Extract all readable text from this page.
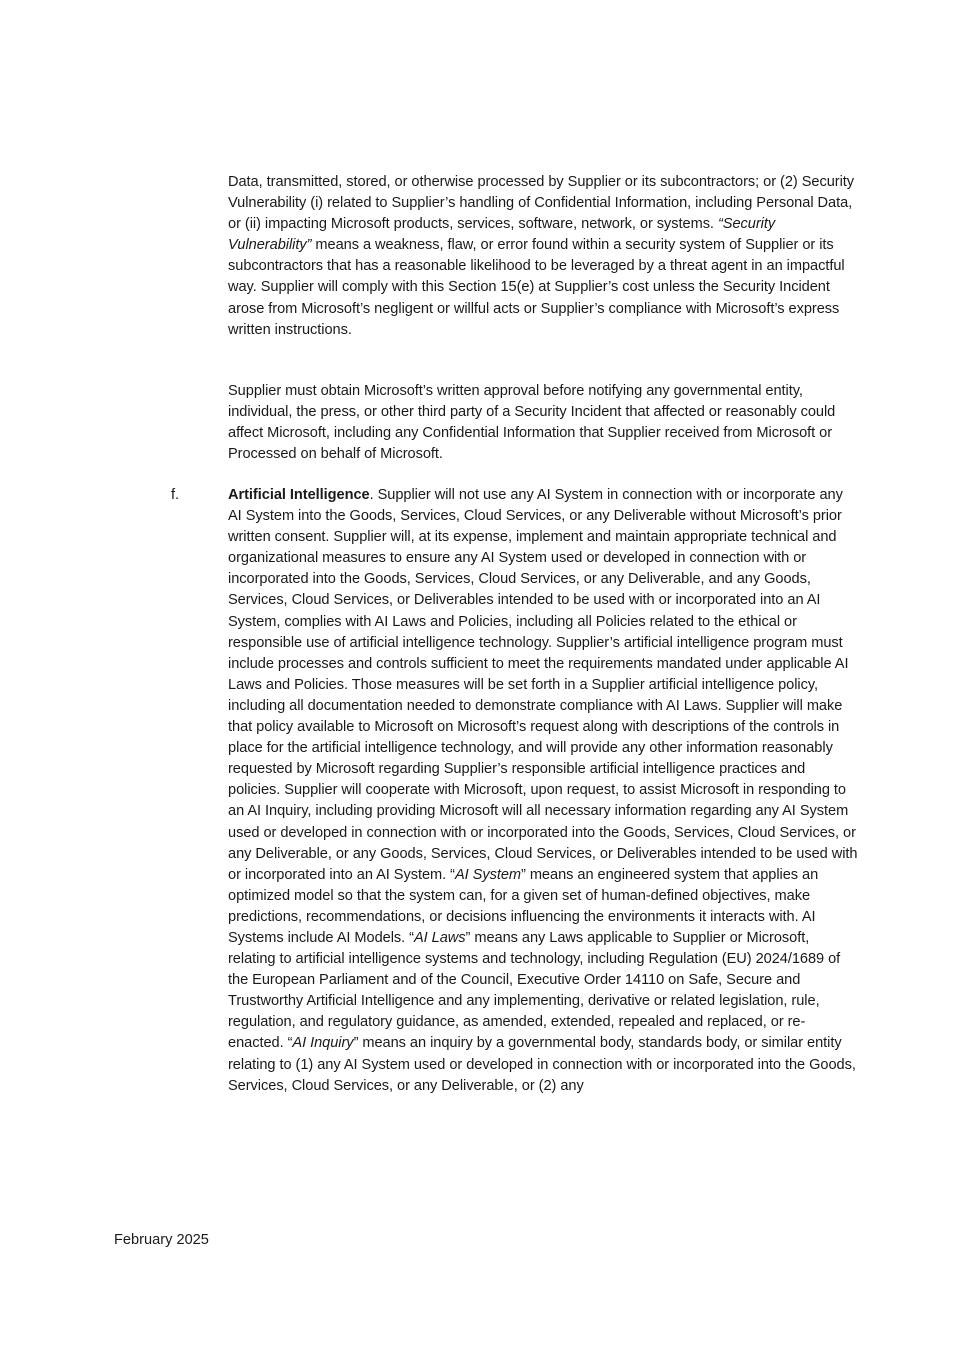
Data, transmitted, stored, or otherwise processed by Supplier or its subcontractors; or (2) Security Vulnerability (i) related to Supplier’s handling of Confidential Information, including Personal Data, or (ii) impacting Microsoft products, services, software, network, or systems. “Security Vulnerability” means a weakness, flaw, or error found within a security system of Supplier or its subcontractors that has a reasonable likelihood to be leveraged by a threat agent in an impactful way. Supplier will comply with this Section 15(e) at Supplier’s cost unless the Security Incident arose from Microsoft’s negligent or willful acts or Supplier’s compliance with Microsoft’s express written instructions.

Supplier must obtain Microsoft’s written approval before notifying any governmental entity, individual, the press, or other third party of a Security Incident that affected or reasonably could affect Microsoft, including any Confidential Information that Supplier received from Microsoft or Processed on behalf of Microsoft.

f.	Artificial Intelligence. Supplier will not use any AI System in connection with or incorporate any AI System into the Goods, Services, Cloud Services, or any Deliverable without Microsoft’s prior written consent. Supplier will, at its expense, implement and maintain appropriate technical and organizational measures to ensure any AI System used or developed in connection with or incorporated into the Goods, Services, Cloud Services, or any Deliverable, and any Goods, Services, Cloud Services, or Deliverables intended to be used with or incorporated into an AI System, complies with AI Laws and Policies, including all Policies related to the ethical or responsible use of artificial intelligence technology. Supplier’s artificial intelligence program must include processes and controls sufficient to meet the requirements mandated under applicable AI Laws and Policies. Those measures will be set forth in a Supplier artificial intelligence policy, including all documentation needed to demonstrate compliance with AI Laws. Supplier will make that policy available to Microsoft on Microsoft’s request along with descriptions of the controls in place for the artificial intelligence technology, and will provide any other information reasonably requested by Microsoft regarding Supplier’s responsible artificial intelligence practices and policies. Supplier will cooperate with Microsoft, upon request, to assist Microsoft in responding to an AI Inquiry, including providing Microsoft will all necessary information regarding any AI System used or developed in connection with or incorporated into the Goods, Services, Cloud Services, or any Deliverable, or any Goods, Services, Cloud Services, or Deliverables intended to be used with or incorporated into an AI System. “AI System” means an engineered system that applies an optimized model so that the system can, for a given set of human-defined objectives, make predictions, recommendations, or decisions influencing the environments it interacts with. AI Systems include AI Models. “AI Laws” means any Laws applicable to Supplier or Microsoft, relating to artificial intelligence systems and technology, including Regulation (EU) 2024/1689 of the European Parliament and of the Council, Executive Order 14110 on Safe, Secure and Trustworthy Artificial Intelligence and any implementing, derivative or related legislation, rule, regulation, and regulatory guidance, as amended, extended, repealed and replaced, or re-enacted. “AI Inquiry” means an inquiry by a governmental body, standards body, or similar entity relating to (1) any AI System used or developed in connection with or incorporated into the Goods, Services, Cloud Services, or any Deliverable, or (2) any

February 2025
